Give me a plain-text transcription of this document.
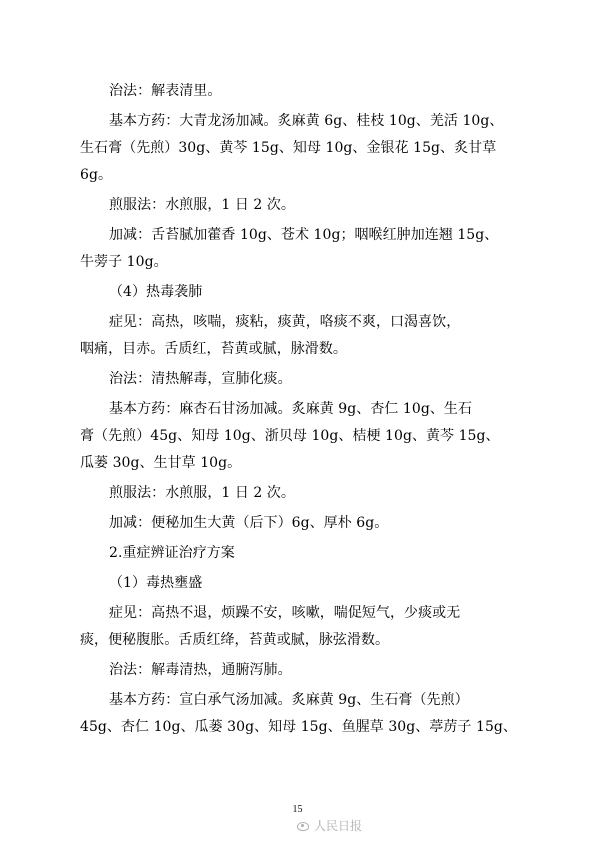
治法：解表清里。
基本方药：大青龙汤加减。炙麻黄 6g、桂枝 10g、羌活 10g、
生石膏（先煎）30g、黄芩 15g、知母 10g、金银花 15g、炙甘草
6g。
煎服法：水煎服，1 日 2 次。
加减：舌苔腻加藿香 10g、苍术 10g；咽喉红肿加连翘 15g、
牛蒡子 10g。
（4）热毒袭肺
症见：高热，咳喘，痰粘，痰黄，咯痰不爽，口渴喜饮，
咽痛，目赤。舌质红，苔黄或腻，脉滑数。
治法：清热解毒，宣肺化痰。
基本方药：麻杏石甘汤加减。炙麻黄 9g、杏仁 10g、生石
膏（先煎）45g、知母 10g、浙贝母 10g、桔梗 10g、黄芩 15g、
瓜蒌 30g、生甘草 10g。
煎服法：水煎服，1 日 2 次。
加减：便秘加生大黄（后下）6g、厚朴 6g。
2.重症辨证治疗方案
（1）毒热壅盛
症见：高热不退，烦躁不安，咳嗽，喘促短气，少痰或无
痰，便秘腹胀。舌质红绛，苔黄或腻，脉弦滑数。
治法：解毒清热，通腑泻肺。
基本方药：宣白承气汤加减。炙麻黄 9g、生石膏（先煎）
45g、杏仁 10g、瓜蒌 30g、知母 15g、鱼腥草 30g、葶苈子 15g、
15
人民日报
